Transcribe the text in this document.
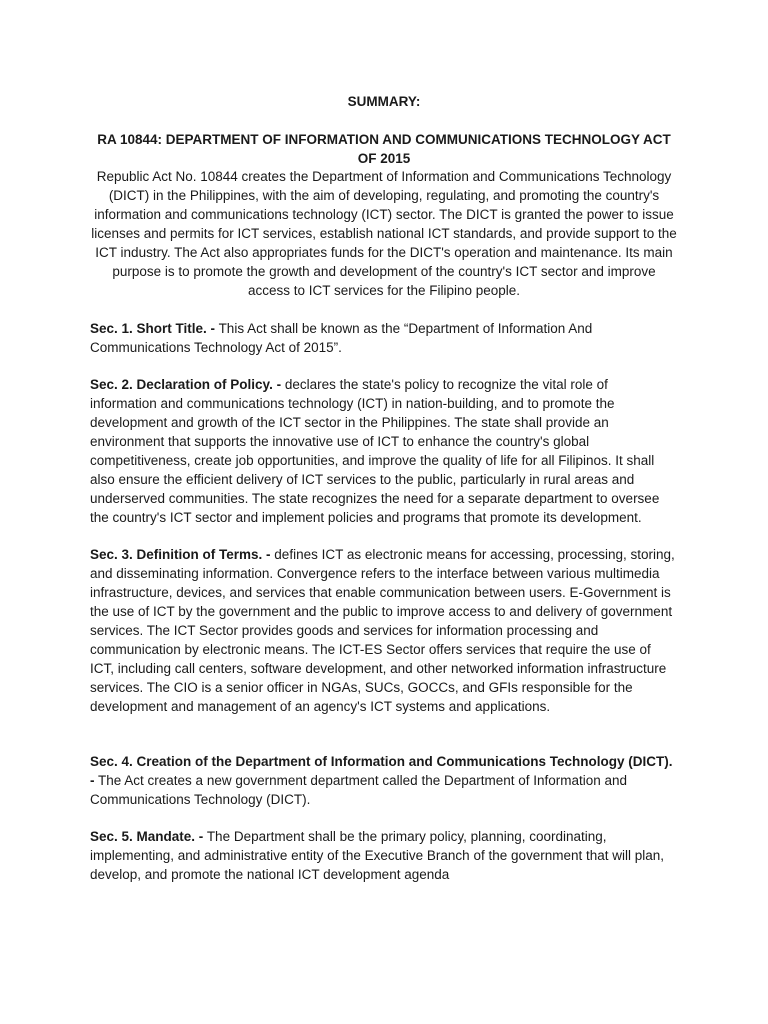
SUMMARY:
RA 10844: DEPARTMENT OF INFORMATION AND COMMUNICATIONS TECHNOLOGY ACT OF 2015
Republic Act No. 10844 creates the Department of Information and Communications Technology (DICT) in the Philippines, with the aim of developing, regulating, and promoting the country's information and communications technology (ICT) sector. The DICT is granted the power to issue licenses and permits for ICT services, establish national ICT standards, and provide support to the ICT industry. The Act also appropriates funds for the DICT's operation and maintenance. Its main purpose is to promote the growth and development of the country's ICT sector and improve access to ICT services for the Filipino people.
Sec. 1. Short Title. - This Act shall be known as the “Department of Information And Communications Technology Act of 2015”.
Sec. 2. Declaration of Policy. - declares the state's policy to recognize the vital role of information and communications technology (ICT) in nation-building, and to promote the development and growth of the ICT sector in the Philippines. The state shall provide an environment that supports the innovative use of ICT to enhance the country's global competitiveness, create job opportunities, and improve the quality of life for all Filipinos. It shall also ensure the efficient delivery of ICT services to the public, particularly in rural areas and underserved communities. The state recognizes the need for a separate department to oversee the country's ICT sector and implement policies and programs that promote its development.
Sec. 3. Definition of Terms. - defines ICT as electronic means for accessing, processing, storing, and disseminating information. Convergence refers to the interface between various multimedia infrastructure, devices, and services that enable communication between users. E-Government is the use of ICT by the government and the public to improve access to and delivery of government services. The ICT Sector provides goods and services for information processing and communication by electronic means. The ICT-ES Sector offers services that require the use of ICT, including call centers, software development, and other networked information infrastructure services. The CIO is a senior officer in NGAs, SUCs, GOCCs, and GFIs responsible for the development and management of an agency's ICT systems and applications.
Sec. 4. Creation of the Department of Information and Communications Technology (DICT). - The Act creates a new government department called the Department of Information and Communications Technology (DICT).
Sec. 5. Mandate. - The Department shall be the primary policy, planning, coordinating, implementing, and administrative entity of the Executive Branch of the government that will plan, develop, and promote the national ICT development agenda
